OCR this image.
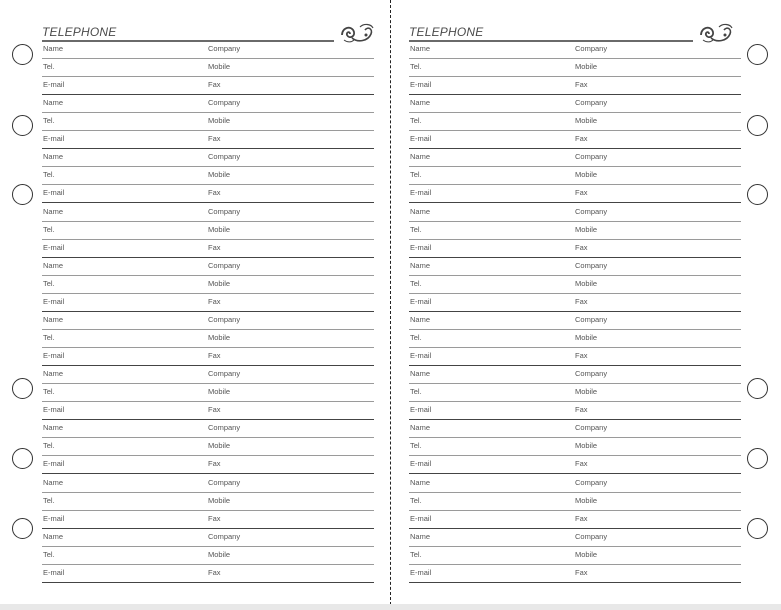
TELEPHONE
Name	Company
Tel.	Mobile
E-mail	Fax
Name	Company
Tel.	Mobile
E-mail	Fax
Name	Company
Tel.	Mobile
E-mail	Fax
Name	Company
Tel.	Mobile
E-mail	Fax
Name	Company
Tel.	Mobile
E-mail	Fax
Name	Company
Tel.	Mobile
E-mail	Fax
Name	Company
Tel.	Mobile
E-mail	Fax
Name	Company
Tel.	Mobile
E-mail	Fax
Name	Company
Tel.	Mobile
E-mail	Fax
Name	Company
Tel.	Mobile
E-mail	Fax
TELEPHONE
Name	Company
Tel.	Mobile
E-mail	Fax
Name	Company
Tel.	Mobile
E-mail	Fax
Name	Company
Tel.	Mobile
E-mail	Fax
Name	Company
Tel.	Mobile
E-mail	Fax
Name	Company
Tel.	Mobile
E-mail	Fax
Name	Company
Tel.	Mobile
E-mail	Fax
Name	Company
Tel.	Mobile
E-mail	Fax
Name	Company
Tel.	Mobile
E-mail	Fax
Name	Company
Tel.	Mobile
E-mail	Fax
Name	Company
Tel.	Mobile
E-mail	Fax
